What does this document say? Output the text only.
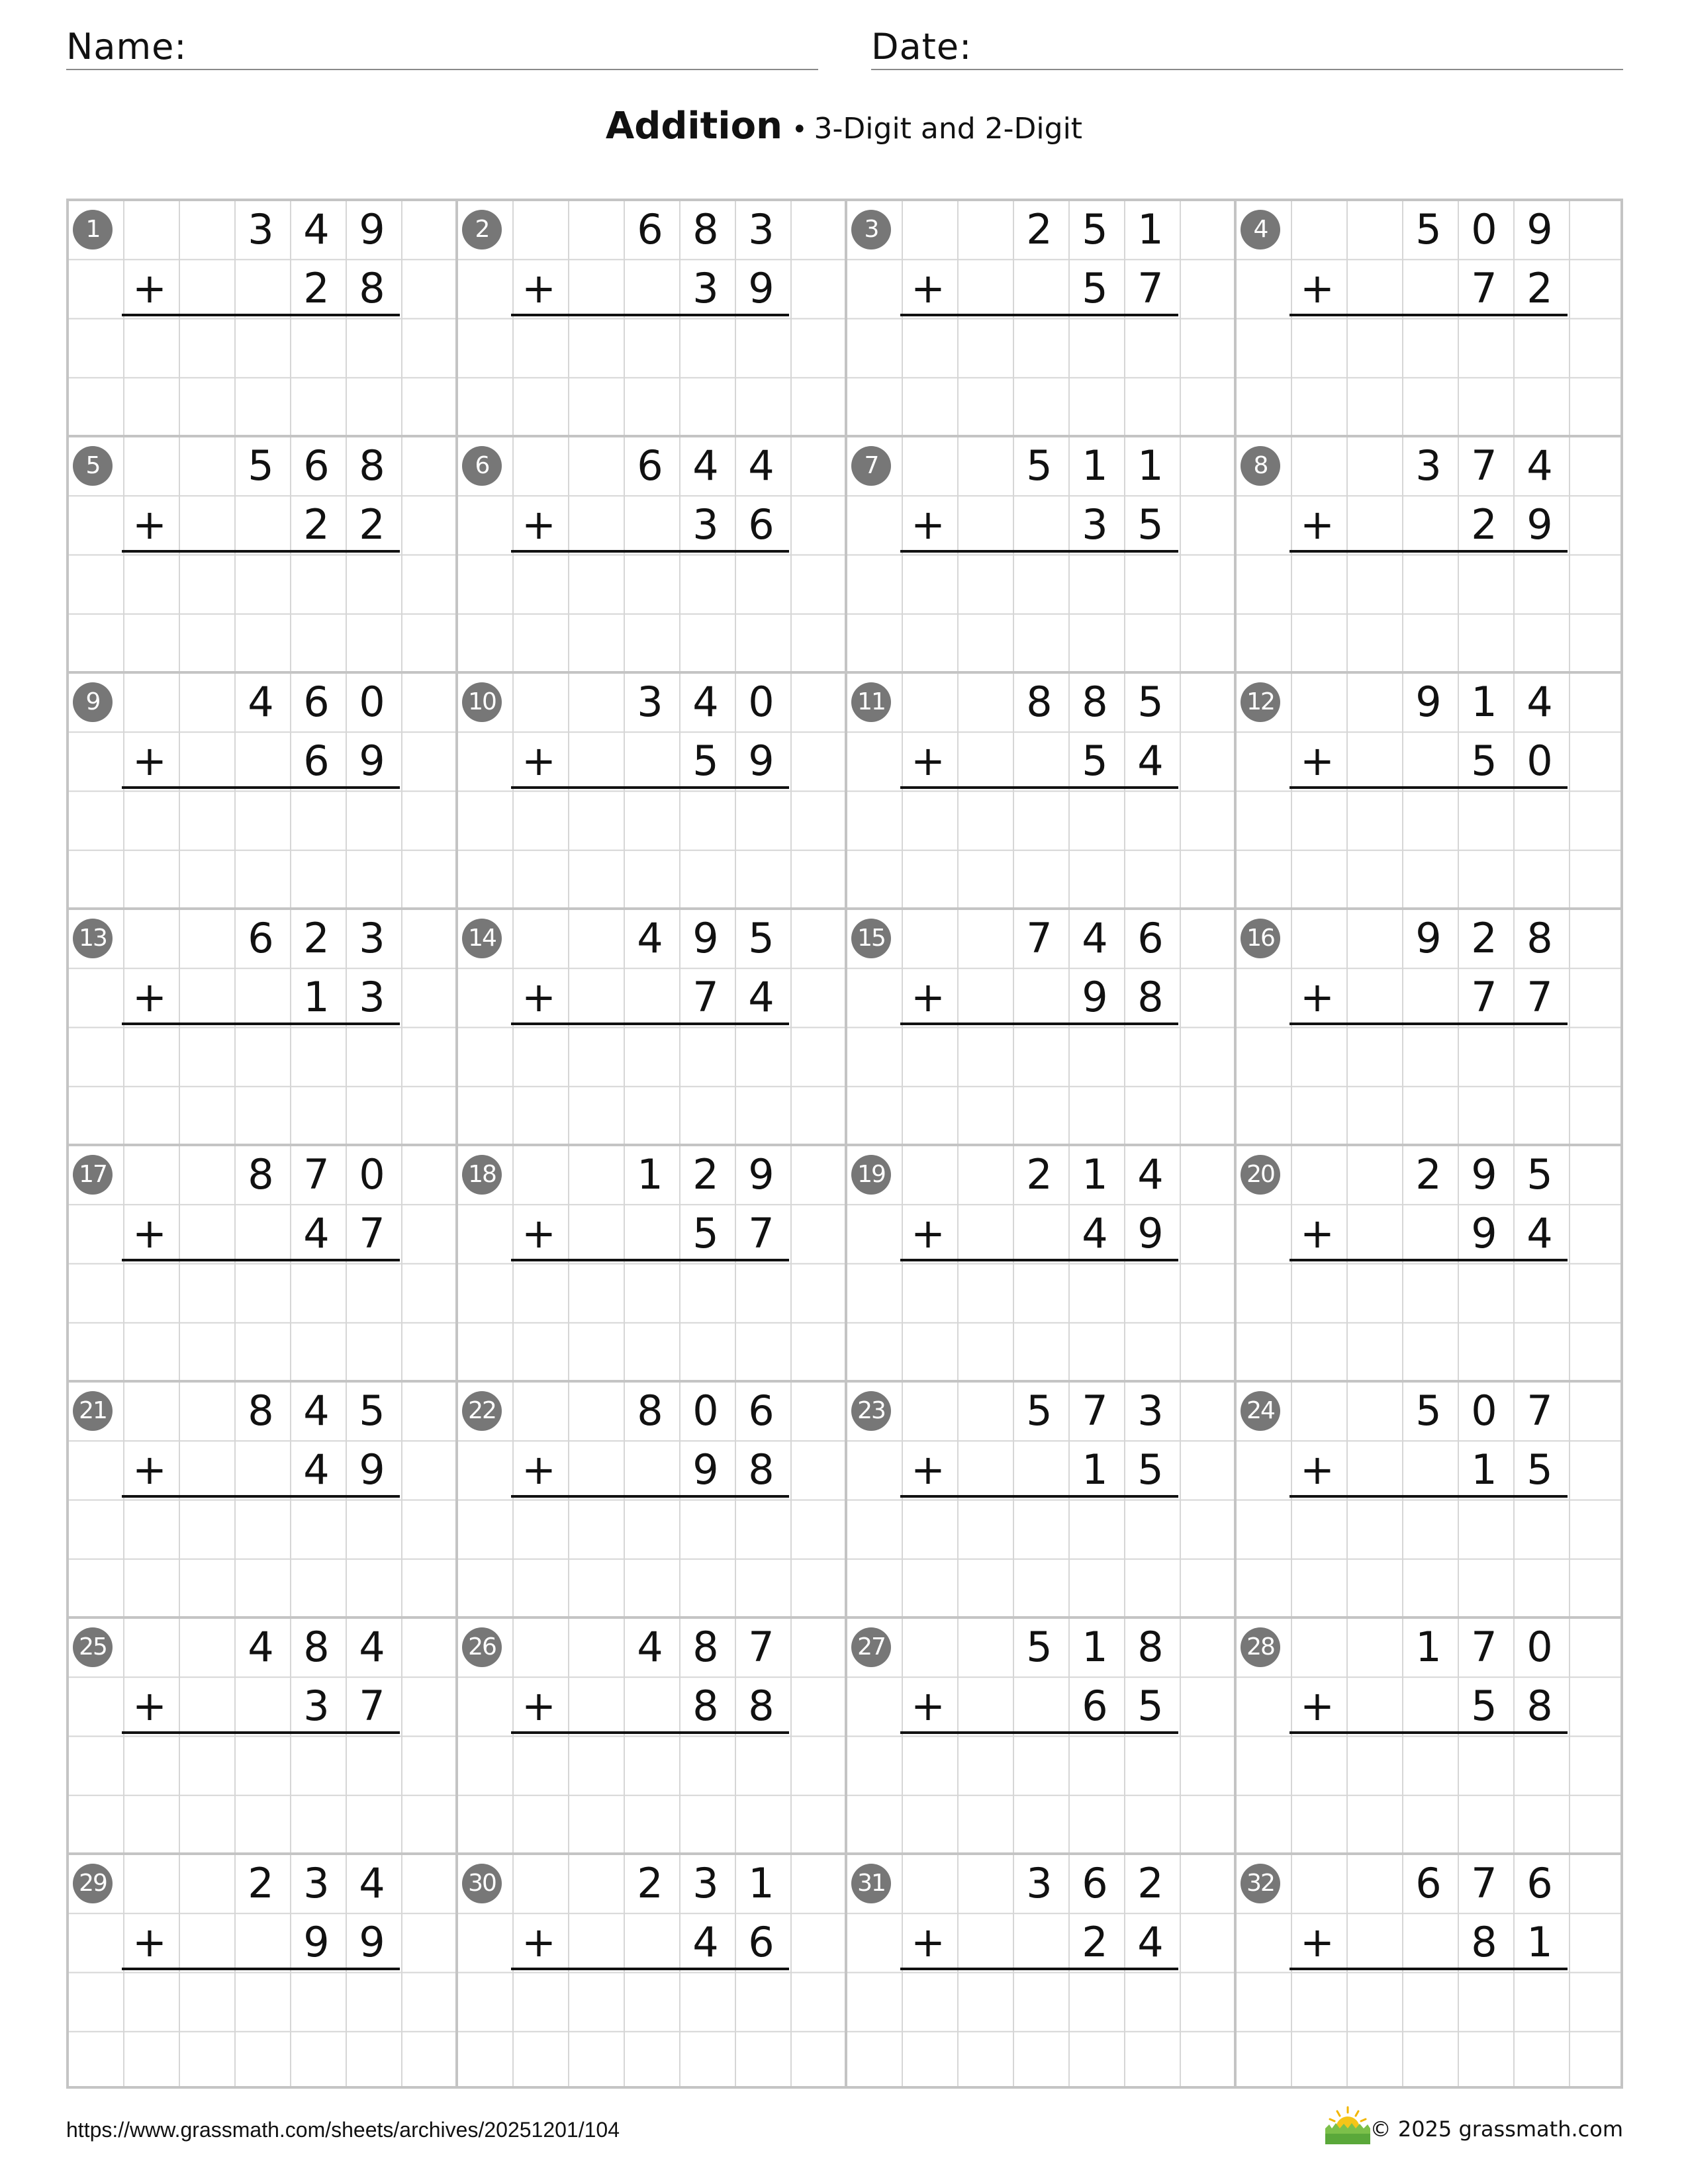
Name:	Date:
Addition • 3-Digit and 2-Digit
1	3 4 9
+	2 8
2	6 8 3
+	3 9
3	2 5 1
+	5 7
4	5 0 9
+	7 2
5	5 6 8
+	2 2
6	6 4 4
+	3 6
7	5 1 1
+	3 5
8	3 7 4
+	2 9
9	4 6 0
+	6 9
10	3 4 0
+	5 9
11	8 8 5
+	5 4
12	9 1 4
+	5 0
13	6 2 3
+	1 3
14	4 9 5
+	7 4
15	7 4 6
+	9 8
16	9 2 8
+	7 7
17	8 7 0
+	4 7
18	1 2 9
+	5 7
19	2 1 4
+	4 9
20	2 9 5
+	9 4
21	8 4 5
+	4 9
22	8 0 6
+	9 8
23	5 7 3
+	1 5
24	5 0 7
+	1 5
25	4 8 4
+	3 7
26	4 8 7
+	8 8
27	5 1 8
+	6 5
28	1 7 0
+	5 8
29	2 3 4
+	9 9
30	2 3 1
+	4 6
31	3 6 2
+	2 4
32	6 7 6
+	8 1
https://www.grassmath.com/sheets/archives/20251201/104	© 2025 grassmath.com
